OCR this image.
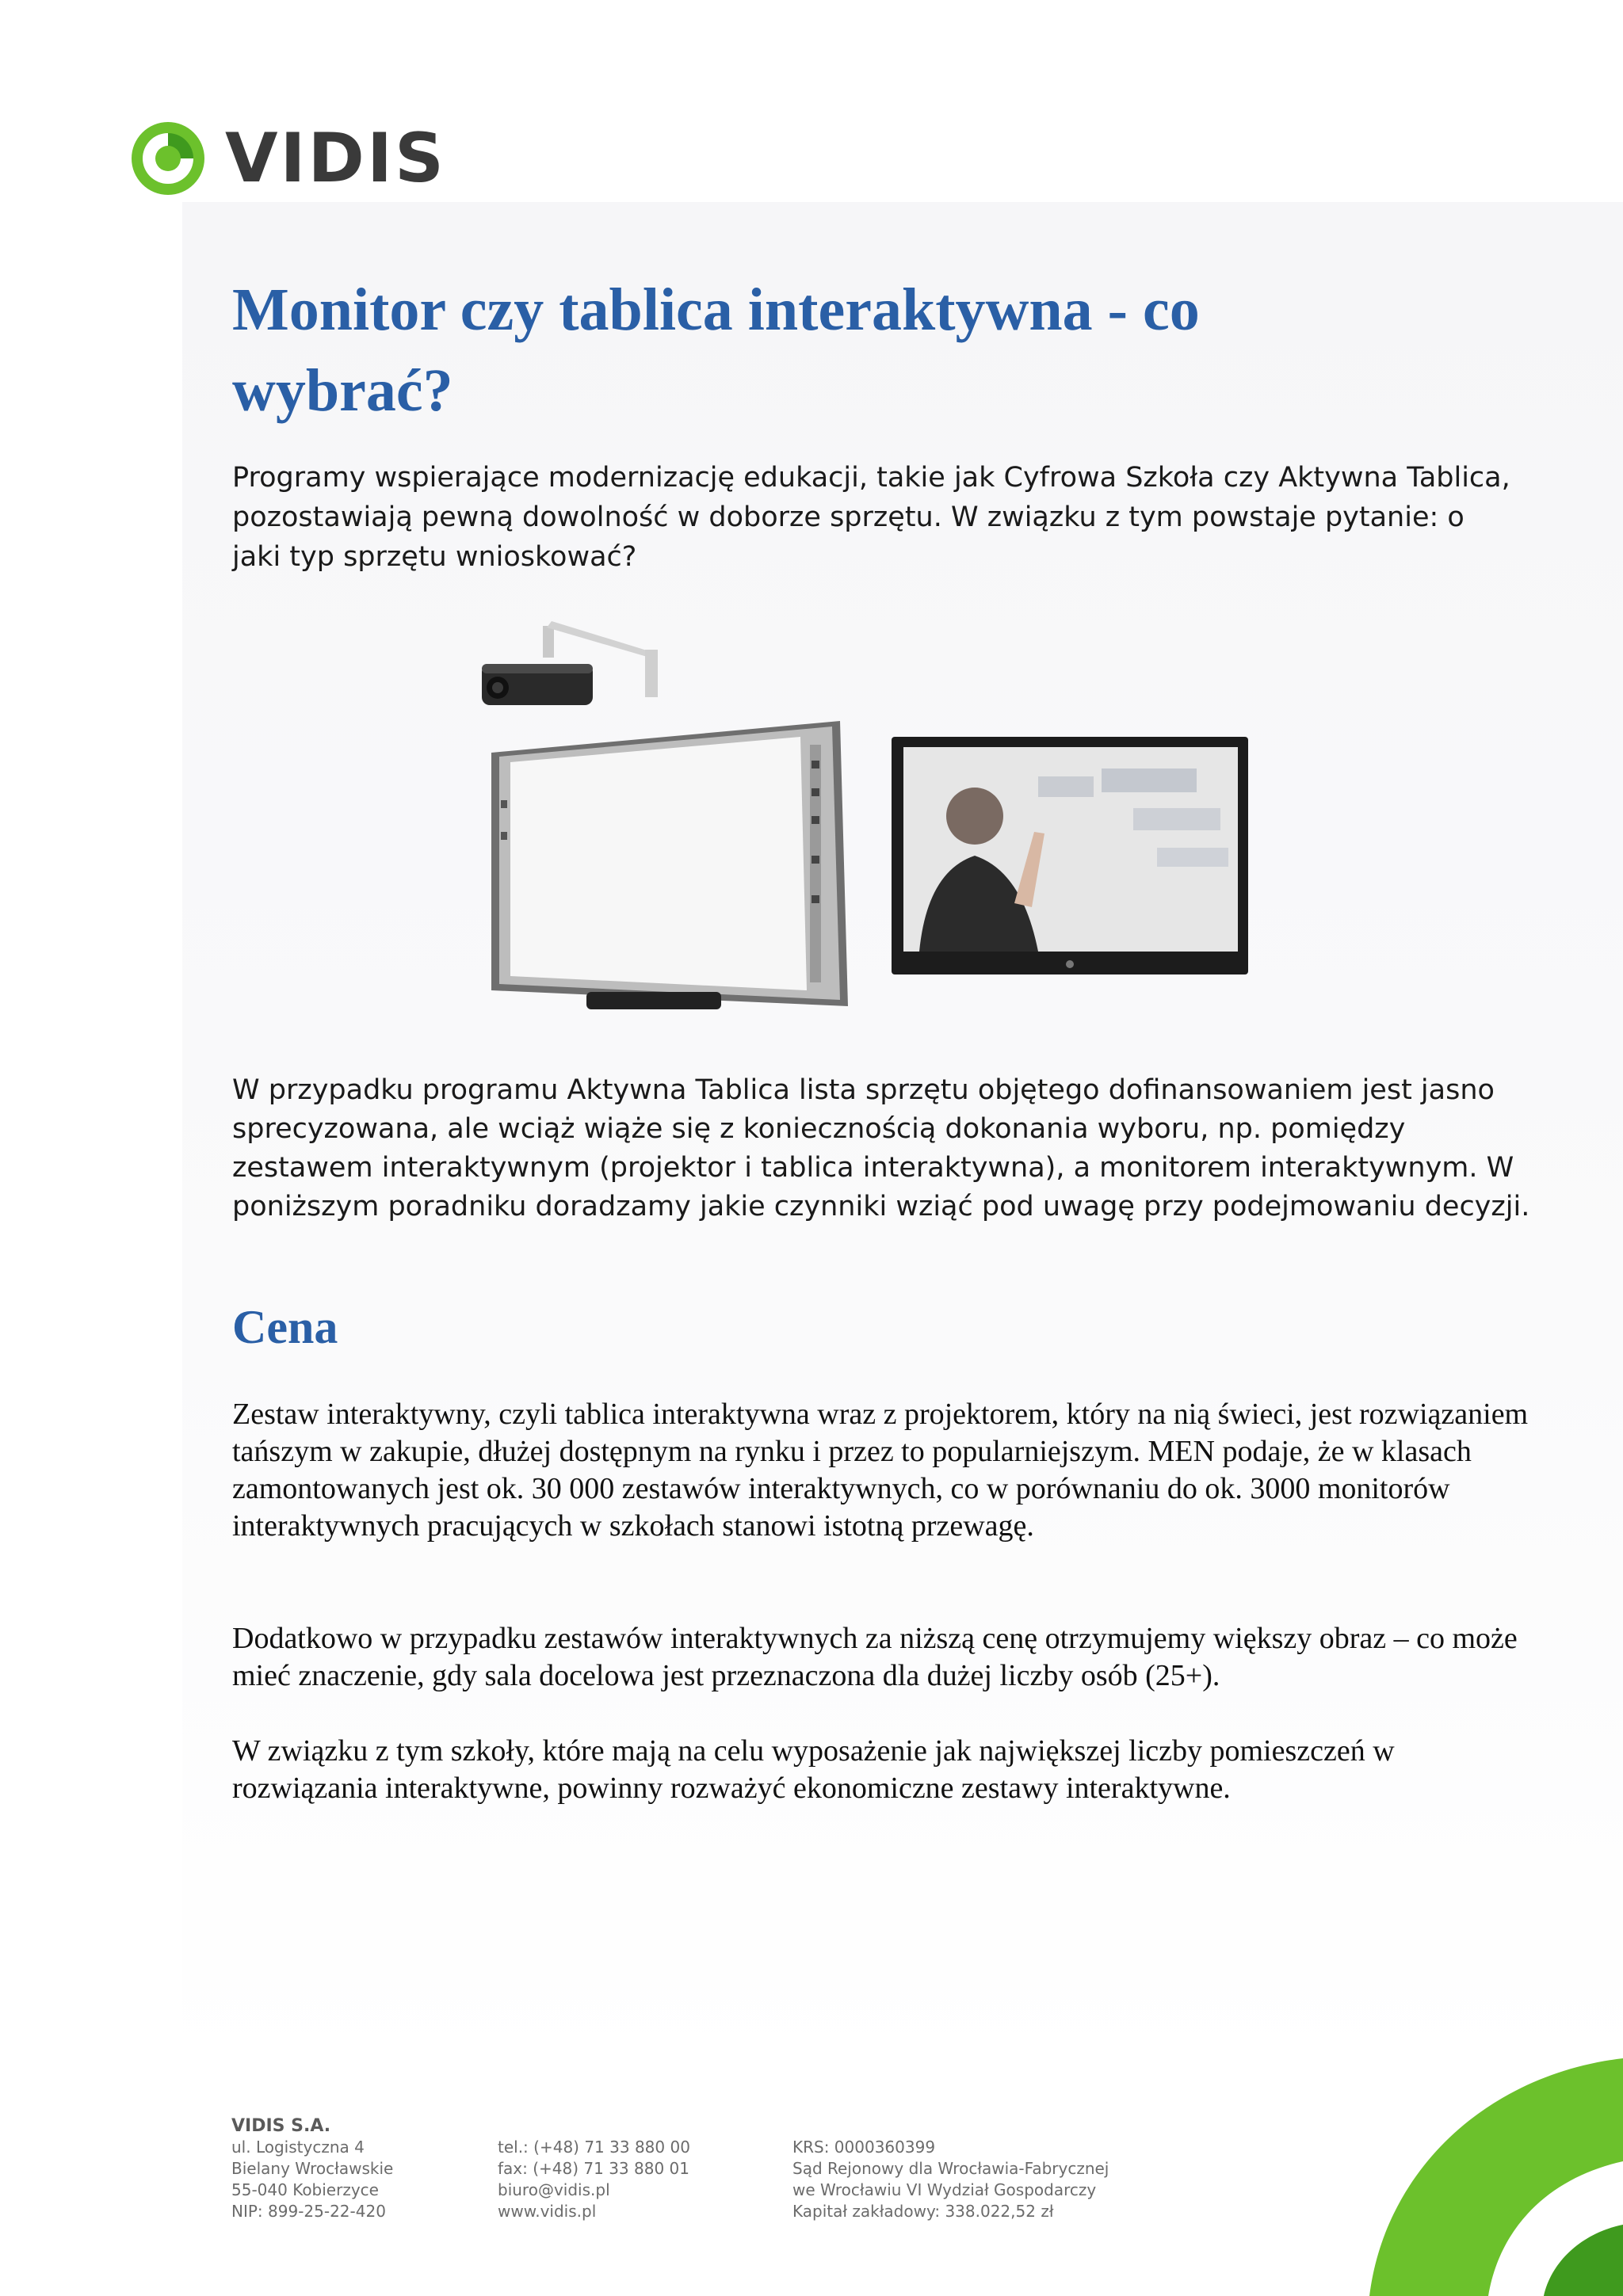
VIDIS
Monitor czy tablica interaktywna - co wybrać?

Programy wspierające modernizację edukacji, takie jak Cyfrowa Szkoła czy Aktywna Tablica, pozostawiają pewną dowolność w doborze sprzętu. W związku z tym powstaje pytanie: o jaki typ sprzętu wnioskować?

W przypadku programu Aktywna Tablica lista sprzętu objętego dofinansowaniem jest jasno sprecyzowana, ale wciąż wiąże się z koniecznością dokonania wyboru, np. pomiędzy zestawem interaktywnym (projektor i tablica interaktywna), a monitorem interaktywnym. W poniższym poradniku doradzamy jakie czynniki wziąć pod uwagę przy podejmowaniu decyzji.

Cena

Zestaw interaktywny, czyli tablica interaktywna wraz z projektorem, który na nią świeci, jest rozwiązaniem tańszym w zakupie, dłużej dostępnym na rynku i przez to popularniejszym. MEN podaje, że w klasach zamontowanych jest ok. 30 000 zestawów interaktywnych, co w porównaniu do ok. 3000 monitorów interaktywnych pracujących w szkołach stanowi istotną przewagę.

Dodatkowo w przypadku zestawów interaktywnych za niższą cenę otrzymujemy większy obraz – co może mieć znaczenie, gdy sala docelowa jest przeznaczona dla dużej liczby osób (25+).

W związku z tym szkoły, które mają na celu wyposażenie jak największej liczby pomieszczeń w rozwiązania interaktywne, powinny rozważyć ekonomiczne zestawy interaktywne.

VIDIS S.A.
ul. Logistyczna 4
Bielany Wrocławskie
55-040 Kobierzyce
NIP: 899-25-22-420
tel.: (+48) 71 33 880 00
fax: (+48) 71 33 880 01
biuro@vidis.pl
www.vidis.pl
KRS: 0000360399
Sąd Rejonowy dla Wrocławia-Fabrycznej
we Wrocławiu VI Wydział Gospodarczy
Kapitał zakładowy: 338.022,52 zł
